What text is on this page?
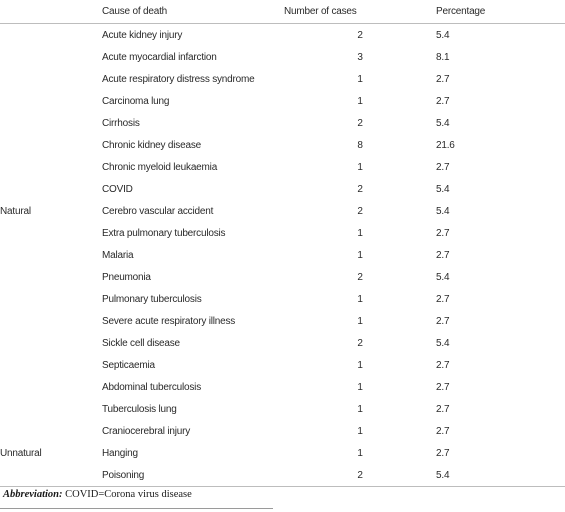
	Cause of death	Number of cases	Percentage
	Acute kidney injury	2	5.4
	Acute myocardial infarction	3	8.1
	Acute respiratory distress syndrome	1	2.7
	Carcinoma lung	1	2.7
	Cirrhosis	2	5.4
	Chronic kidney disease	8	21.6
	Chronic myeloid leukaemia	1	2.7
	COVID	2	5.4
Natural	Cerebro vascular accident	2	5.4
	Extra pulmonary tuberculosis	1	2.7
	Malaria	1	2.7
	Pneumonia	2	5.4
	Pulmonary tuberculosis	1	2.7
	Severe acute respiratory illness	1	2.7
	Sickle cell disease	2	5.4
	Septicaemia	1	2.7
	Abdominal tuberculosis	1	2.7
	Tuberculosis lung	1	2.7
	Craniocerebral injury	1	2.7
Unnatural	Hanging	1	2.7
	Poisoning	2	5.4
Abbreviation: COVID=Corona virus disease
